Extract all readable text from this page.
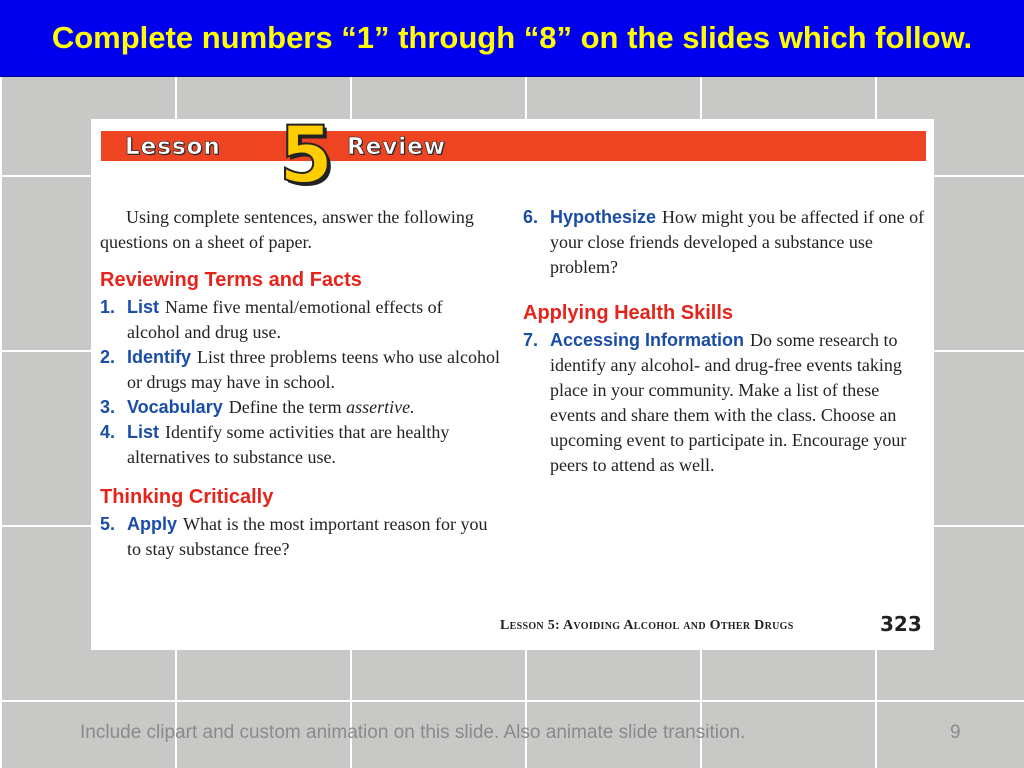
Complete numbers “1” through “8” on the slides which follow.
Lesson 5 Review

Using complete sentences, answer the following questions on a sheet of paper.

Reviewing Terms and Facts
1. List Name five mental/emotional effects of alcohol and drug use.
2. Identify List three problems teens who use alcohol or drugs may have in school.
3. Vocabulary Define the term assertive.
4. List Identify some activities that are healthy alternatives to substance use.
Thinking Critically
5. Apply What is the most important reason for you to stay substance free?
6. Hypothesize How might you be affected if one of your close friends developed a substance use problem?
Applying Health Skills
7. Accessing Information Do some research to identify any alcohol- and drug-free events taking place in your community. Make a list of these events and share them with the class. Choose an upcoming event to participate in. Encourage your peers to attend as well.
Lesson 5: Avoiding Alcohol and Other Drugs	323
Include clipart and custom animation on this slide. Also animate slide transition.	9
